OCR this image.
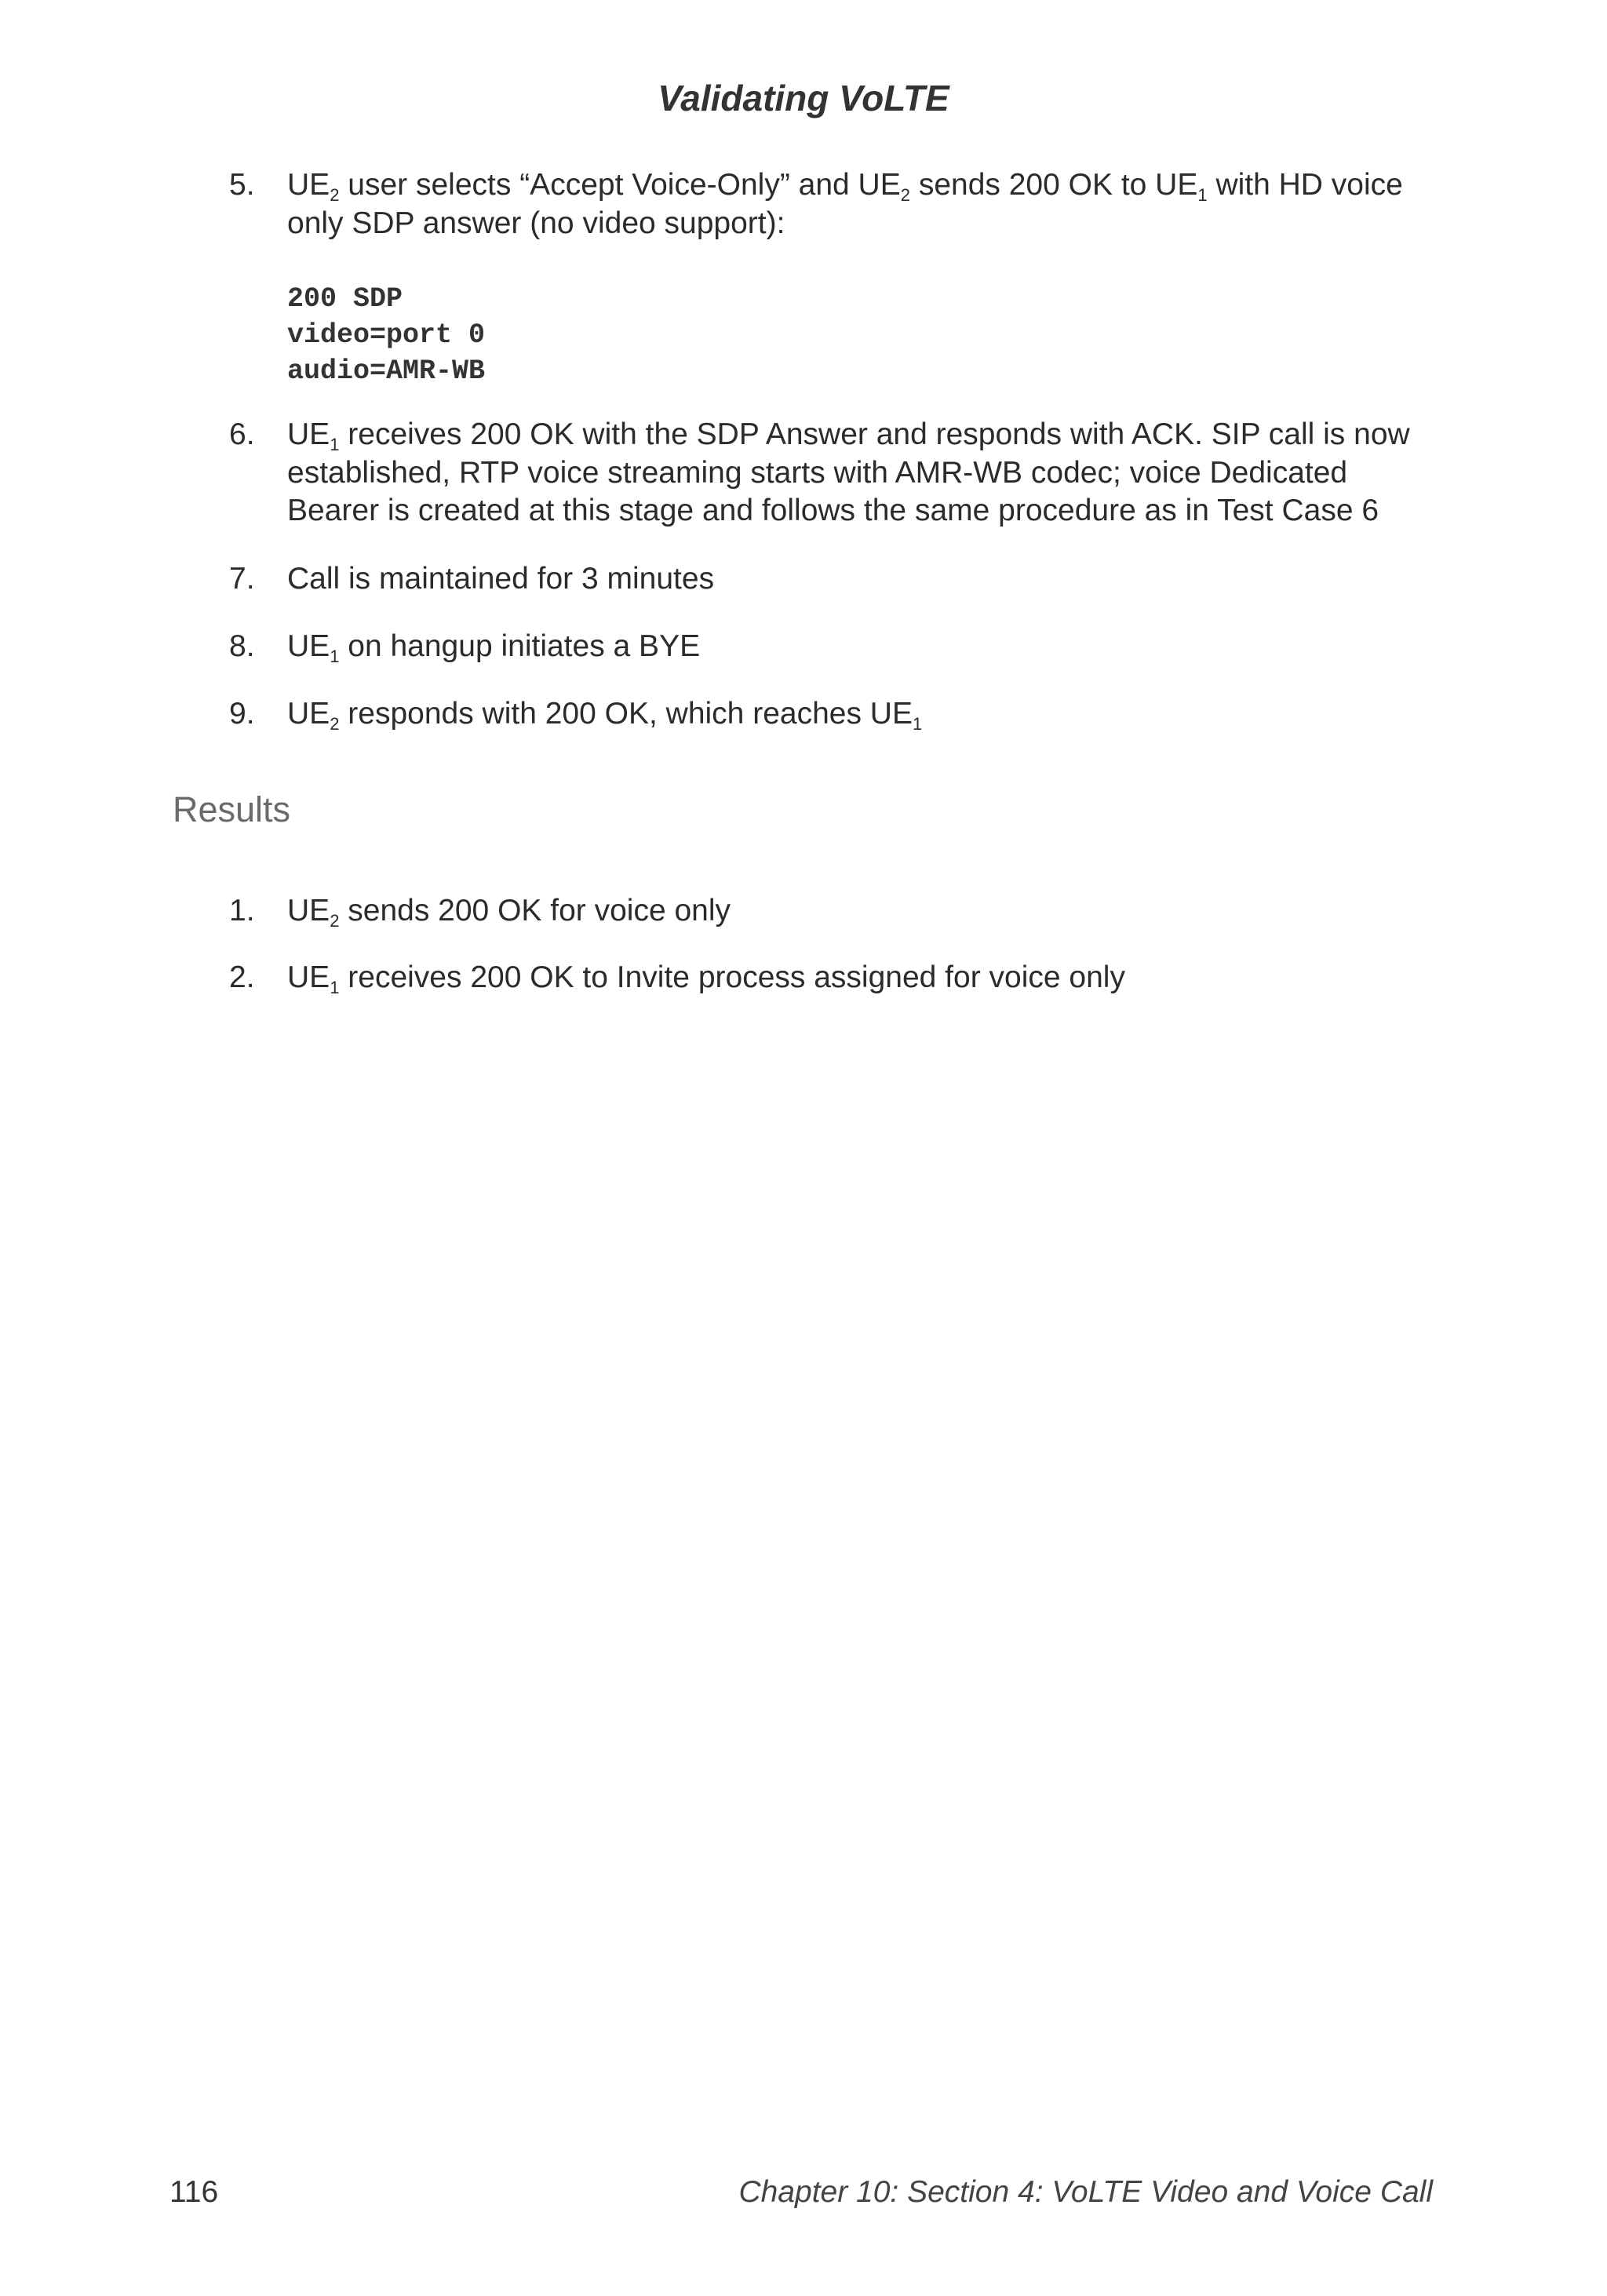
Validating VoLTE
5. $UE_2$ user selects “Accept Voice-Only” and $UE_2$ sends 200 OK to $UE_1$ with HD voice only SDP answer (no video support):
200 SDP
video=port 0
audio=AMR-WB
6. $UE_1$ receives 200 OK with the SDP Answer and responds with ACK. SIP call is now established, RTP voice streaming starts with AMR-WB codec; voice Dedicated Bearer is created at this stage and follows the same procedure as in Test Case 6
7. Call is maintained for 3 minutes
8. $UE_1$ on hangup initiates a BYE
9. $UE_2$ responds with 200 OK, which reaches $UE_1$
Results
1. $UE_2$ sends 200 OK for voice only
2. $UE_1$ receives 200 OK to Invite process assigned for voice only
116	Chapter 10: Section 4: VoLTE Video and Voice Call
